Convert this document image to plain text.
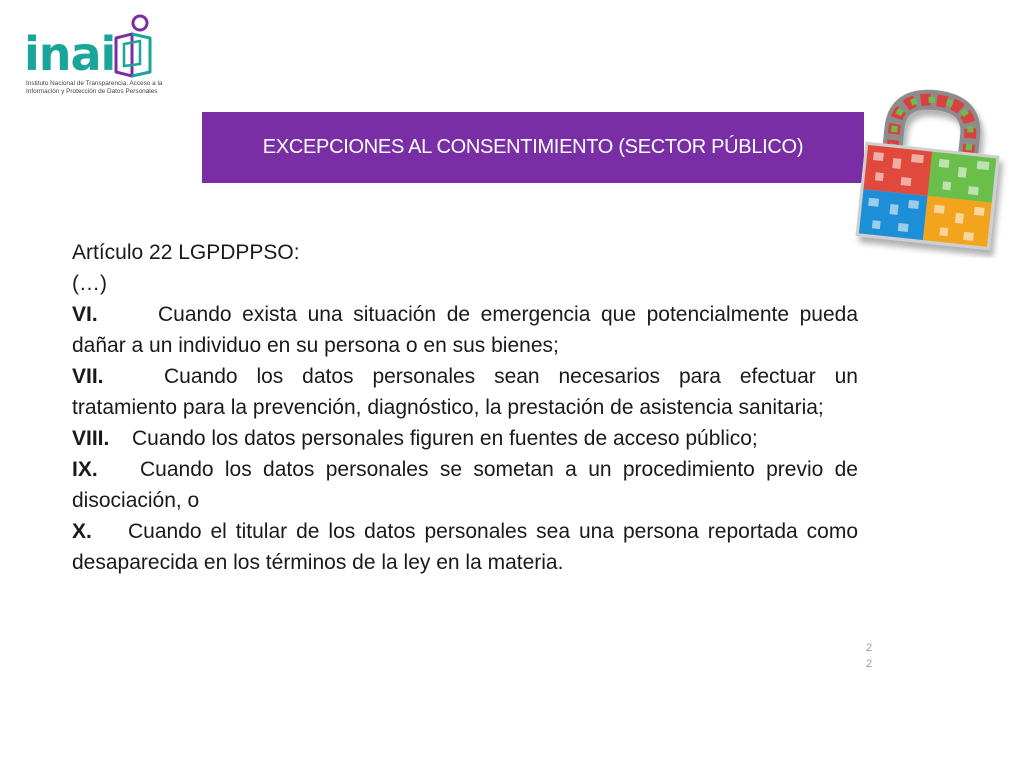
inai
Instituto Nacional de Transparencia, Acceso a la
Información y Protección de Datos Personales
EXCEPCIONES AL CONSENTIMIENTO (SECTOR PÚBLICO)

Artículo 22 LGPDPPSO:

(…)

VI.	Cuando exista una situación de emergencia que potencialmente pueda dañar a un individuo en su persona o en sus bienes;

VII.	Cuando los datos personales sean necesarios para efectuar un tratamiento para la prevención, diagnóstico, la prestación de asistencia sanitaria;

VIII. Cuando los datos personales figuren en fuentes de acceso público;

IX. Cuando los datos personales se sometan a un procedimiento previo de disociación, o

X. Cuando el titular de los datos personales sea una persona reportada como desaparecida en los términos de la ley en la materia.

2
2
